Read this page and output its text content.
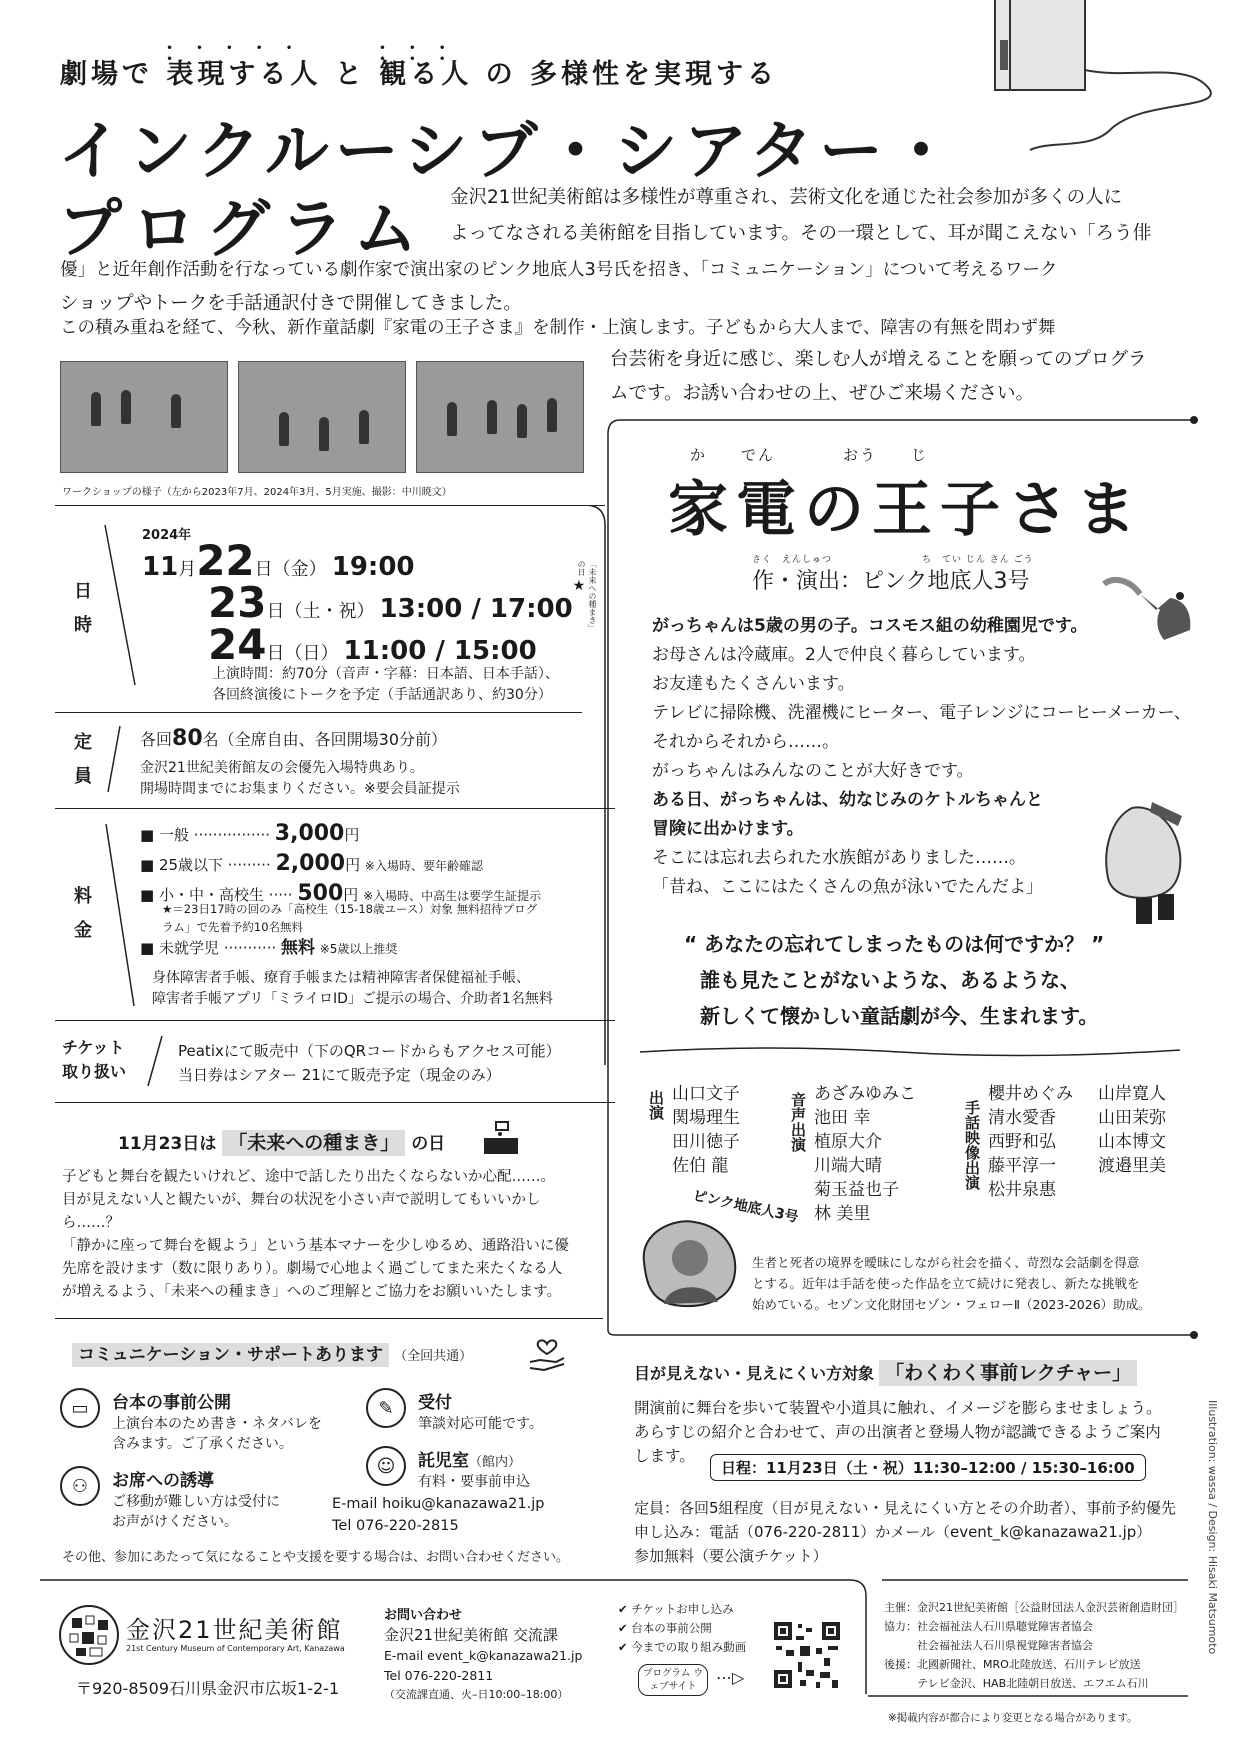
劇場で • • • 表現する人 と • • • 観る人 の 多様性を実現する
インクルーシブ・シアター・
プログラム 金沢21世紀美術館は多様性が尊重され、芸術文化を通じた社会参加が多くの人に
よってなされる美術館を目指しています。その一環として、耳が聞こえない「ろう俳
優」と近年創作活動を行なっている劇作家で演出家のピンク地底人3号氏を招き、「コミュニケーション」について考えるワーク
ショップやトークを手話通訳付きで開催してきました。
この積み重ねを経て、今秋、新作童話劇『家電の王子さま』を制作・上演します。子どもから大人まで、障害の有無を問わず舞
台芸術を身近に感じ、楽しむ人が増えることを願ってのプログラ
ムです。お誘い合わせの上、ぜひご来場ください。
ワークショップの様子（左から2023年7月、2024年3月、5月実施、撮影：中川暁文）
日
時
2024年
11月22日（金） 19:00
23日（土・祝） 13:00 / 17:00★
24日（日） 11:00 / 15:00
上演時間：約70分（音声・字幕：日本語、日本手話）、
各回終演後にトークを予定（手話通訳あり、約30分）
「未来への種まき」の日
定
員
各回80名（全席自由、各回開場30分前）
金沢21世紀美術館友の会優先入場特典あり。
開場時間までにお集まりください。※要会員証提示
料
金
■ 一般 ················ 3,000円
■ 25歳以下 ········· 2,000円 ※入場時、要年齢確認
■ 小・中・高校生 ····· 500円 ※入場時、中高生は要学生証提示
★＝23日17時の回のみ「高校生（15-18歳ユース）対象 無料招待プログ
ラム」で先着予約10名無料
■ 未就学児 ··········· 無料 ※5歳以上推奨
身体障害者手帳、療育手帳または精神障害者保健福祉手帳、
障害者手帳アプリ「ミライロID」ご提示の場合、介助者1名無料
チケット
取り扱い
Peatixにて販売中（下のQRコードからもアクセス可能）
当日券はシアター 21にて販売予定（現金のみ）
11月23日は 「未来への種まき」 の日
子どもと舞台を観たいけれど、途中で話したり出たくならないか心配……。
目が見えない人と観たいが、舞台の状況を小さい声で説明してもいいかし
ら……？
「静かに座って舞台を観よう」という基本マナーを少しゆるめ、通路沿いに優
先席を設けます（数に限りあり）。劇場で心地よく過ごしてまた来たくなる人
が増えるよう、「未来への種まき」へのご理解とご協力をお願いいたします。
コミュニケーション・サポートあります （全回共通）
▭	台本の事前公開
上演台本のため書き・ネタバレを
含みます。ご了承ください。
✎	受付
筆談対応可能です。
⚇	お席への誘導
ご移動が難しい方は受付に
お声がけください。
☺	託児室（館内）
有料・要事前申込
E-mail hoiku@kanazawa21.jp
Tel 076-220-2815
その他、参加にあたって気になることや支援を要する場合は、お問い合わせください。
か　　でん　　　　おう　　じ
家電の王子さま
さく　えんしゅつ　　　　　　　　　ち　てい じん さん ごう
作・演出：ピンク地底人3号
がっちゃんは5歳の男の子。コスモス組の幼稚園児です。
お母さんは冷蔵庫。2人で仲良く暮らしています。
お友達もたくさんいます。
テレビに掃除機、洗濯機にヒーター、電子レンジにコーヒーメーカー、
それからそれから……。
がっちゃんはみんなのことが大好きです。
ある日、がっちゃんは、幼なじみのケトルちゃんと
冒険に出かけます。
そこには忘れ去られた水族館がありました……。
「昔ね、ここにはたくさんの魚が泳いでたんだよ」
“ あなたの忘れてしまったものは何ですか？ ”
誰も見たことがないような、あるような、
新しくて懐かしい童話劇が今、生まれます。
出演 山口文子
関場理生
田川徳子
佐伯 龍
音声出演 あざみゆみこ
池田 幸
植原大介
川端大晴
菊玉益也子
林 美里
手話映像出演
櫻井めぐみ
清水愛香
西野和弘
藤平淳一
松井泉惠
山岸寛人
山田茉弥
山本博文
渡邉里美
ピンク地底人3号
生者と死者の境界を曖昧にしながら社会を描く、苛烈な会話劇を得意
とする。近年は手話を使った作品を立て続けに発表し、新たな挑戦を
始めている。セゾン文化財団セゾン・フェローⅡ（2023-2026）助成。
目が見えない・見えにくい方対象 「わくわく事前レクチャー」
開演前に舞台を歩いて装置や小道具に触れ、イメージを膨らませましょう。
あらすじの紹介と合わせて、声の出演者と登場人物が認識できるようご案内
します。
日程：11月23日（土・祝）11:30–12:00 / 15:30–16:00
定員：各回5組程度（目が見えない・見えにくい方とその介助者）、事前予約優先
申し込み：電話（076-220-2811）かメール（event_k@kanazawa21.jp）
参加無料（要公演チケット）	Illustration: wassa / Design: Hisaki Matsumoto
金沢21世紀美術館
21st Century Museum of Contemporary Art, Kanazawa
〒920-8509石川県金沢市広坂1-2-1
お問い合わせ
金沢21世紀美術館 交流課
E-mail event_k@kanazawa21.jp
Tel 076-220-2811
（交流課直通、火–日10:00–18:00）
✔ チケットお申し込み
✔ 台本の事前公開
✔ 今までの取り組み動画
プログラム ウェブサイト	⋯▷
主催：金沢21世紀美術館［公益財団法人金沢芸術創造財団］
協力：社会福祉法人石川県聴覚障害者協会
　　　社会福祉法人石川県視覚障害者協会
後援：北國新聞社、MRO北陸放送、石川テレビ放送
　　　テレビ金沢、HAB北陸朝日放送、エフエム石川
※掲載内容が都合により変更となる場合があります。
